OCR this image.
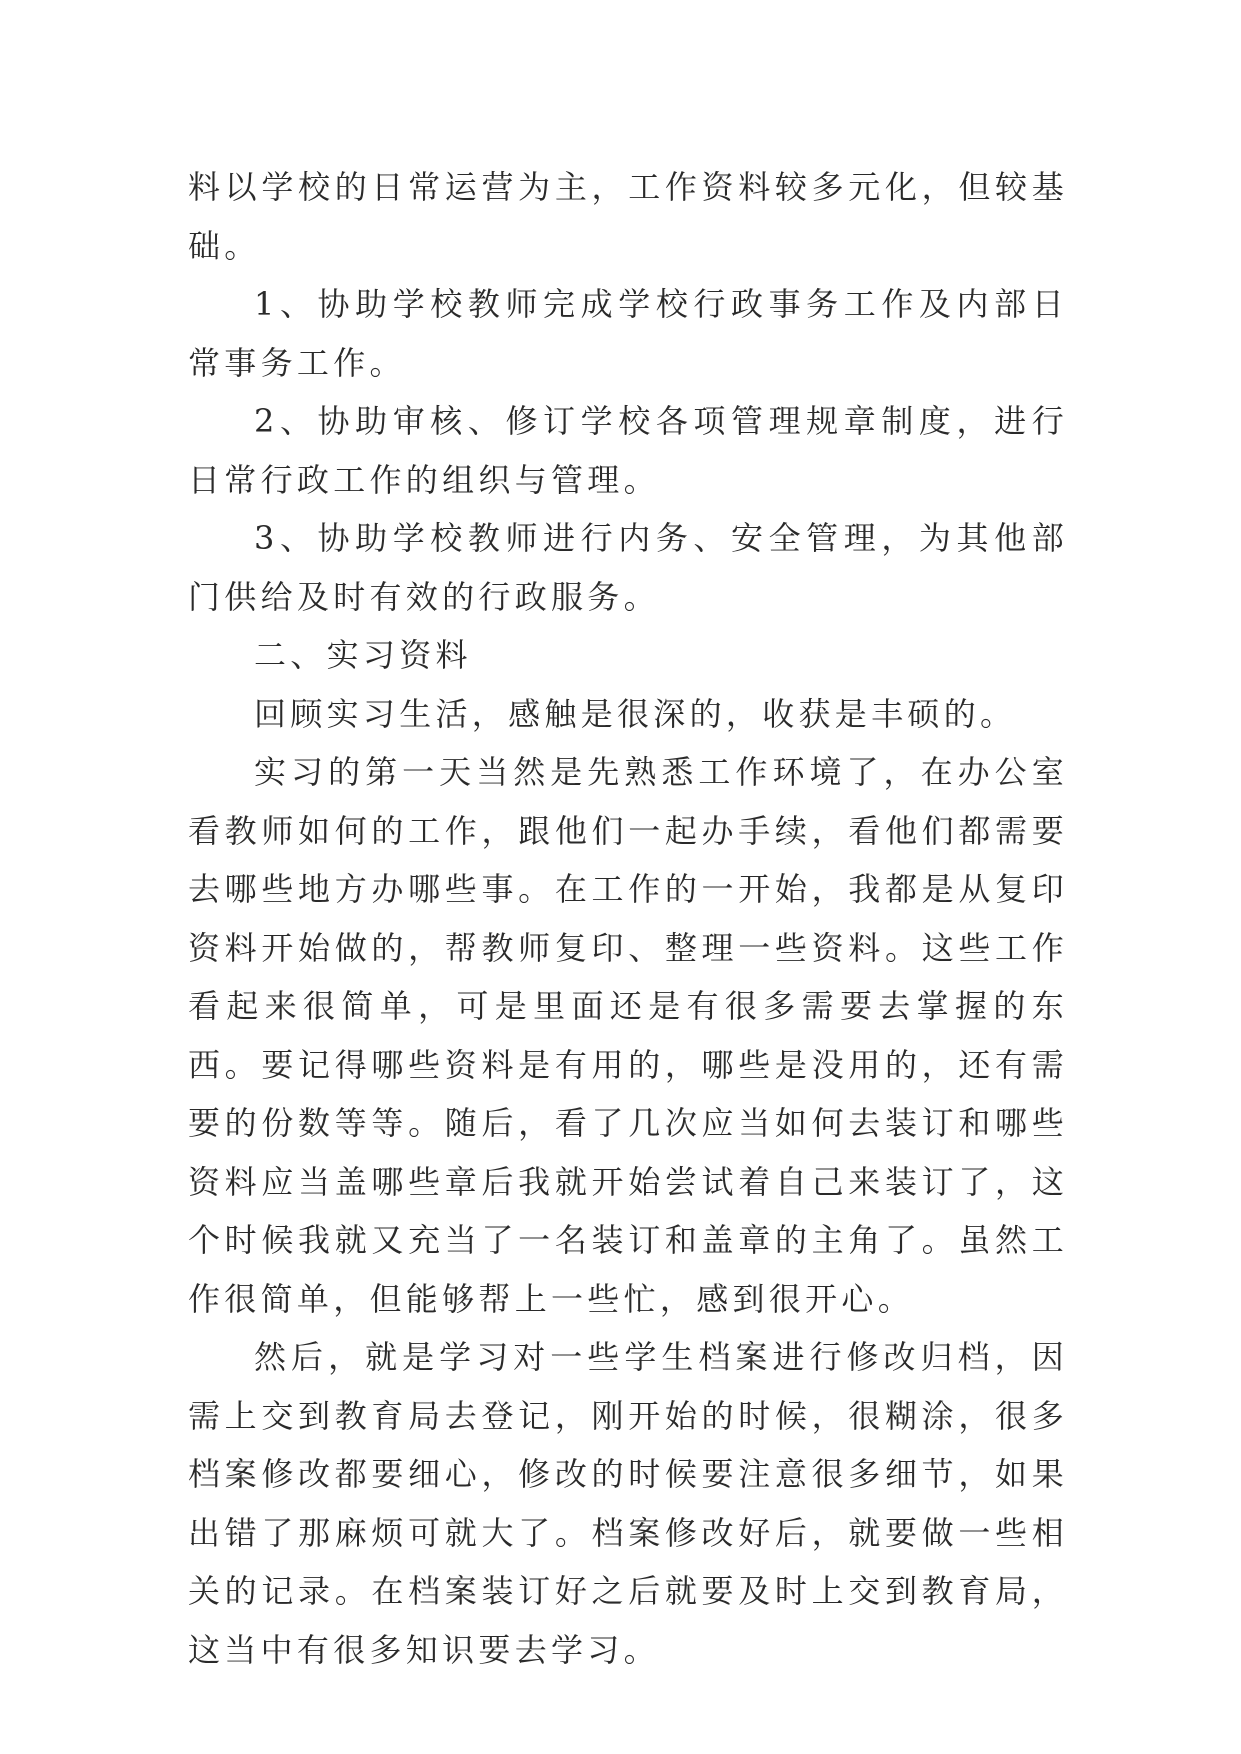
料以学校的日常运营为主，工作资料较多元化，但较基础。

1、协助学校教师完成学校行政事务工作及内部日常事务工作。

2、协助审核、修订学校各项管理规章制度，进行日常行政工作的组织与管理。

3、协助学校教师进行内务、安全管理，为其他部门供给及时有效的行政服务。

二、实习资料

回顾实习生活，感触是很深的，收获是丰硕的。

实习的第一天当然是先熟悉工作环境了，在办公室看教师如何的工作，跟他们一起办手续，看他们都需要去哪些地方办哪些事。在工作的一开始，我都是从复印资料开始做的，帮教师复印、整理一些资料。这些工作看起来很简单，可是里面还是有很多需要去掌握的东西。要记得哪些资料是有用的，哪些是没用的，还有需要的份数等等。随后，看了几次应当如何去装订和哪些资料应当盖哪些章后我就开始尝试着自己来装订了，这个时候我就又充当了一名装订和盖章的主角了。虽然工作很简单，但能够帮上一些忙，感到很开心。

然后，就是学习对一些学生档案进行修改归档，因需上交到教育局去登记，刚开始的时候，很糊涂，很多档案修改都要细心，修改的时候要注意很多细节，如果出错了那麻烦可就大了。档案修改好后，就要做一些相关的记录。在档案装订好之后就要及时上交到教育局，这当中有很多知识要去学习。
